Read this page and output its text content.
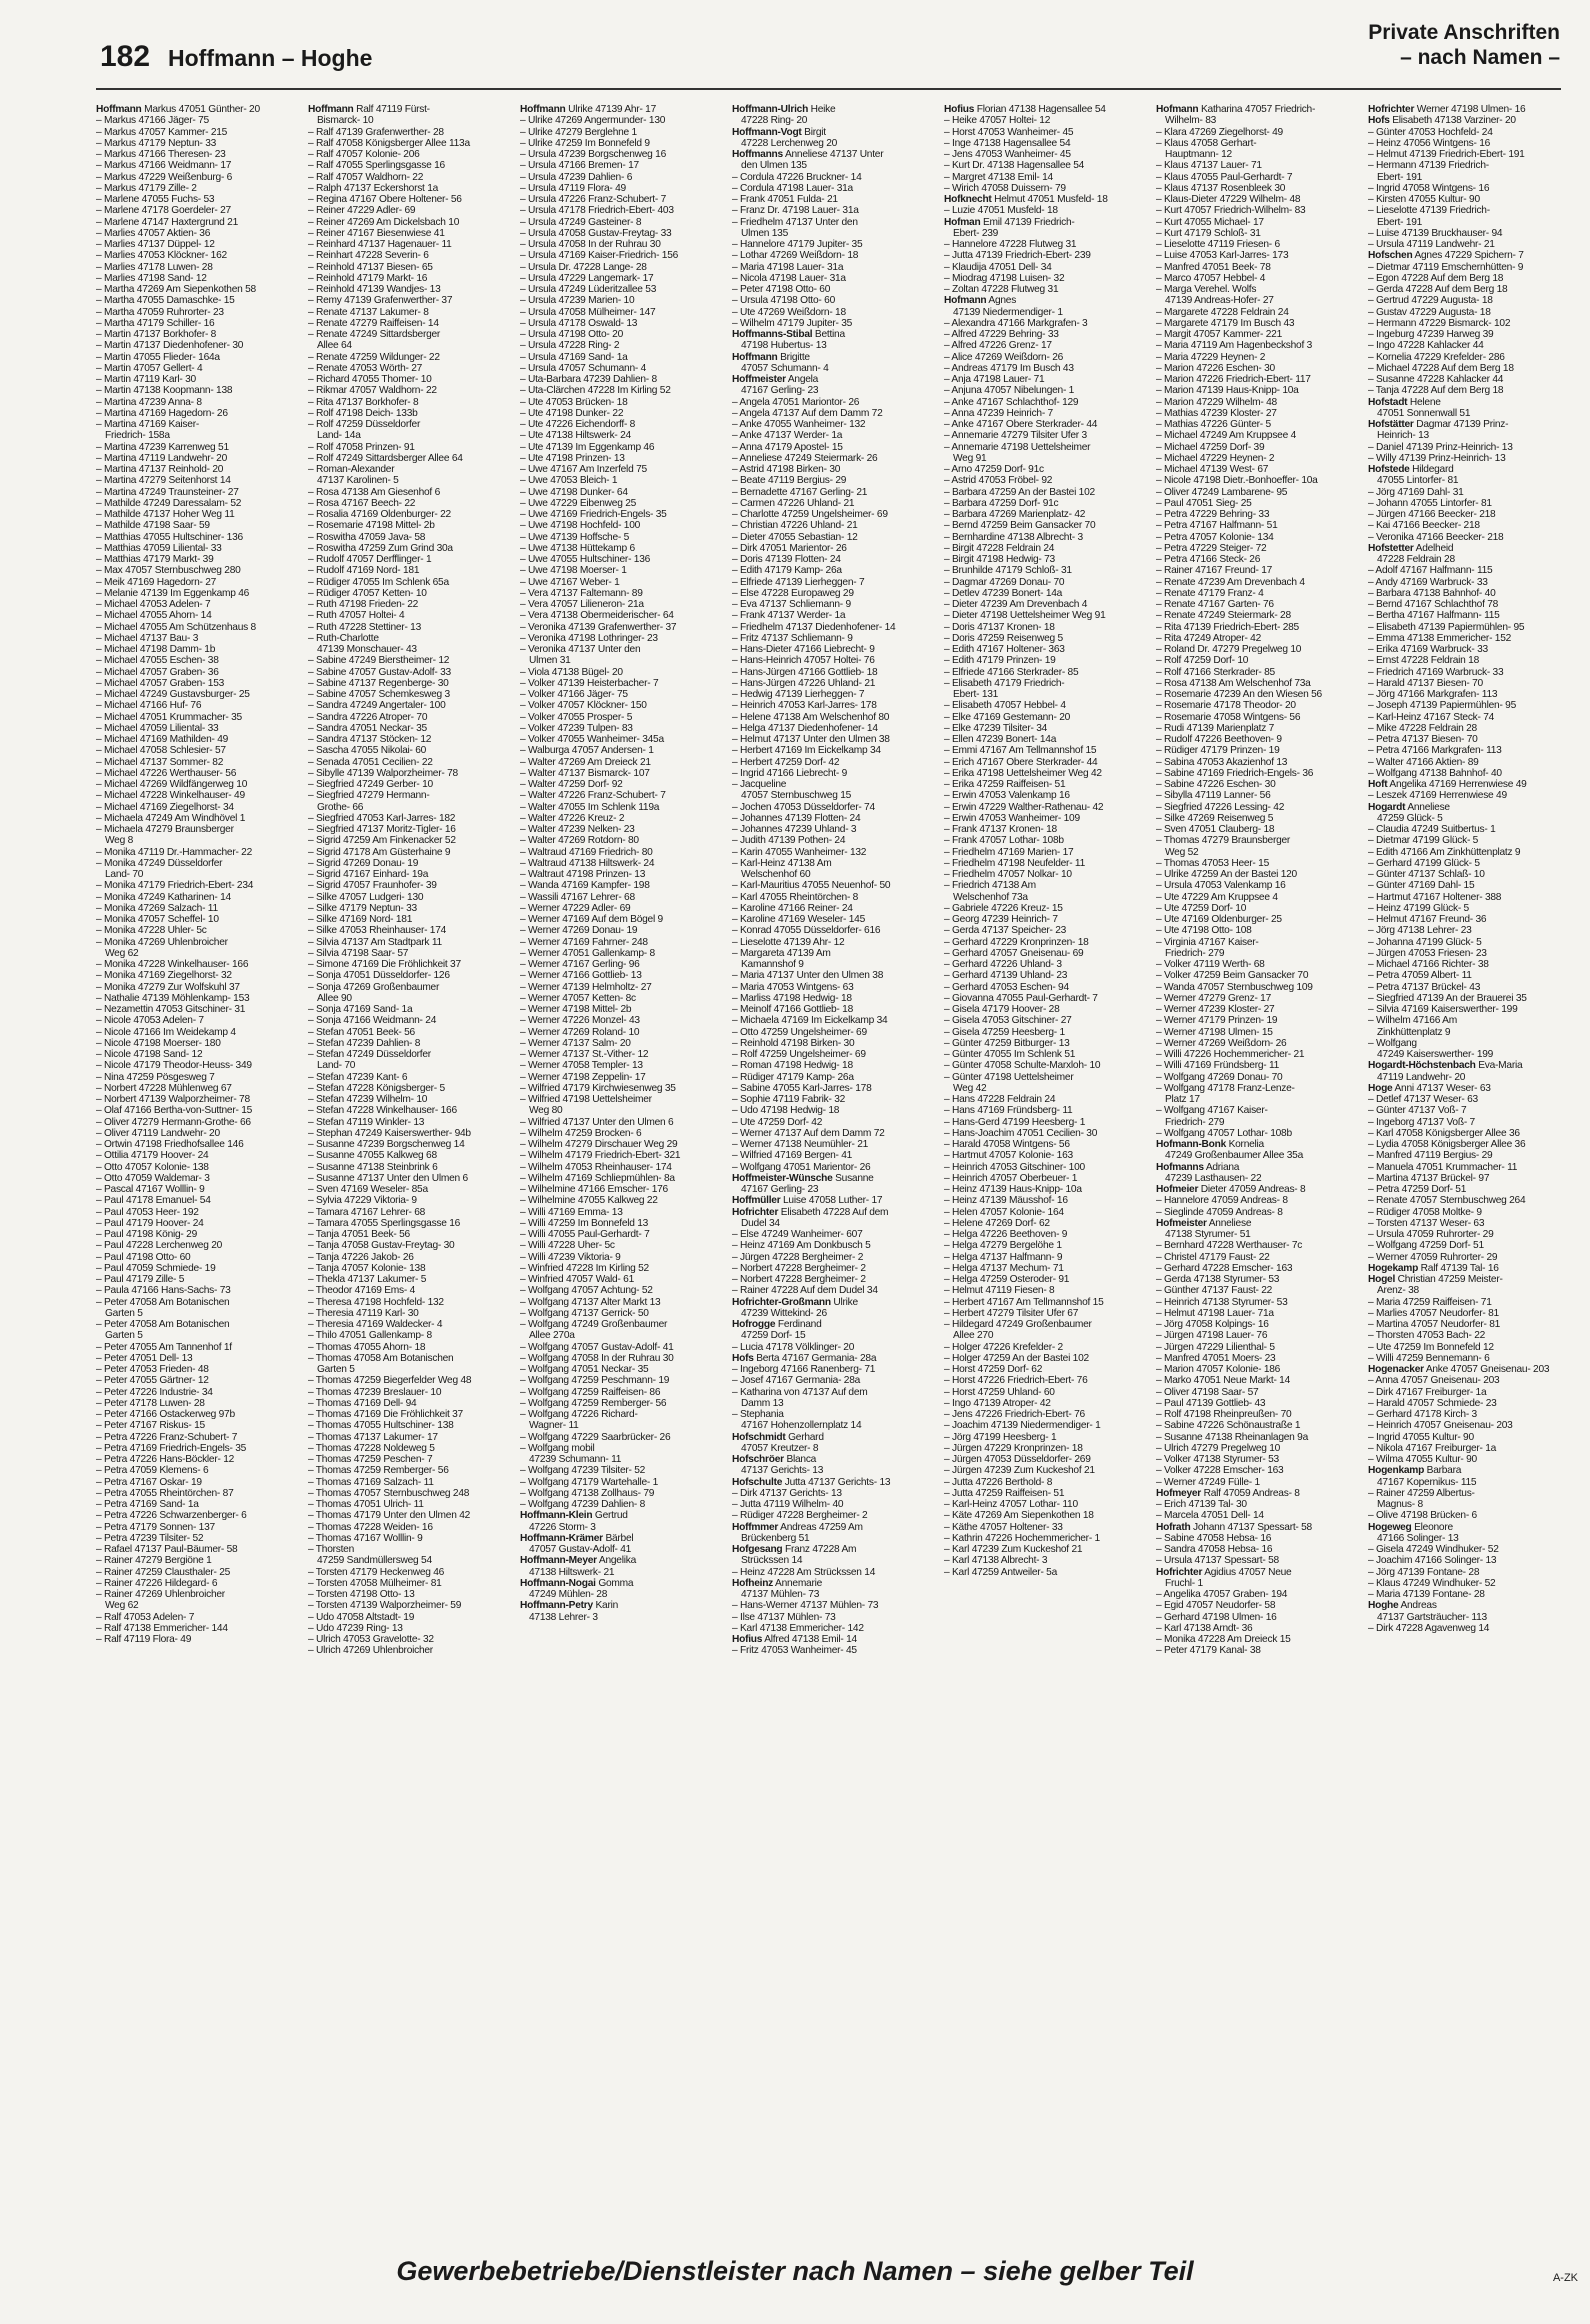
182 Hoffmann – Hoghe
Private Anschriften
– nach Namen –
Hoffmann Markus 47051 Günther- 20
– Markus 47166 Jäger- 75
– Markus 47057 Kammer- 215
– Markus 47179 Neptun- 33
– Markus 47166 Theresen- 23
– Markus 47166 Weidmann- 17
– Markus 47229 Weißenburg- 6
– Markus 47179 Zille- 2
– Marlene 47055 Fuchs- 53
– Marlene 47178 Goerdeler- 27
– Marlene 47147 Haxtergrund 21
– Marlies 47057 Aktien- 36
– Marlies 47137 Düppel- 12
– Marlies 47053 Klöckner- 162
– Marlies 47178 Luwen- 28
– Marlies 47198 Sand- 12
– Martha 47269 Am Siepenkothen 58
– Martha 47055 Damaschke- 15
– Martha 47059 Ruhrorter- 23
– Martha 47179 Schiller- 16
– Martin 47137 Borkhofer- 8
– Martin 47137 Diedenhofener- 30
– Martin 47055 Flieder- 164a
– Martin 47057 Gellert- 4
– Martin 47119 Karl- 30
– Martin 47138 Koopmann- 138
– Martina 47239 Anna- 8
– Martina 47169 Hagedorn- 26
– Martina 47169 Kaiser-
Friedrich- 158a
– Martina 47239 Karrenweg 51
– Martina 47119 Landwehr- 20
– Martina 47137 Reinhold- 20
– Martina 47279 Seitenhorst 14
– Martina 47249 Traunsteiner- 27
– Mathilde 47249 Daressalam- 52
– Mathilde 47137 Hoher Weg 11
– Mathilde 47198 Saar- 59
– Matthias 47055 Hultschiner- 136
– Matthias 47059 Liliental- 33
– Matthias 47179 Markt- 39
– Max 47057 Sternbuschweg 280
– Meik 47169 Hagedorn- 27
– Melanie 47139 Im Eggenkamp 46
– Michael 47053 Adelen- 7
– Michael 47055 Ahorn- 14
– Michael 47055 Am Schützenhaus 8
– Michael 47137 Bau- 3
– Michael 47198 Damm- 1b
– Michael 47055 Eschen- 38
– Michael 47057 Graben- 36
– Michael 47057 Graben- 153
– Michael 47249 Gustavsburger- 25
– Michael 47166 Huf- 76
– Michael 47051 Krummacher- 35
– Michael 47059 Liliental- 33
– Michael 47169 Mathilden- 49
– Michael 47058 Schlesier- 57
– Michael 47137 Sommer- 82
– Michael 47226 Werthauser- 56
– Michael 47269 Wildfängerweg 10
– Michael 47228 Winkelhauser- 49
– Michael 47169 Ziegelhorst- 34
– Michaela 47249 Am Windhövel 1
– Michaela 47279 Braunsberger
Weg 8
– Monika 47119 Dr.-Hammacher- 22
– Monika 47249 Düsseldorfer
Land- 70
– Monika 47179 Friedrich-Ebert- 234
– Monika 47249 Katharinen- 14
– Monika 47269 Salzach- 11
– Monika 47057 Scheffel- 10
– Monika 47228 Uhler- 5c
– Monika 47269 Uhlenbroicher
Weg 62
– Monika 47228 Winkelhauser- 166
– Monika 47169 Ziegelhorst- 32
– Monika 47279 Zur Wolfskuhl 37
– Nathalie 47139 Möhlenkamp- 153
– Nezamettin 47053 Gitschiner- 31
– Nicole 47053 Adelen- 7
– Nicole 47166 Im Weidekamp 4
– Nicole 47198 Moerser- 180
– Nicole 47198 Sand- 12
– Nicole 47179 Theodor-Heuss- 349
– Nina 47259 Pösgesweg 7
– Norbert 47228 Mühlenweg 67
– Norbert 47139 Walporzheimer- 78
– Olaf 47166 Bertha-von-Suttner- 15
– Oliver 47279 Hermann-Grothe- 66
– Oliver 47119 Landwehr- 20
– Ortwin 47198 Friedhofsallee 146
– Ottilia 47179 Hoover- 24
– Otto 47057 Kolonie- 138
– Otto 47059 Waldemar- 3
– Pascal 47167 Wolllin- 9
– Paul 47178 Emanuel- 54
– Paul 47053 Heer- 192
– Paul 47179 Hoover- 24
– Paul 47198 König- 29
– Paul 47228 Lerchenweg 20
– Paul 47198 Otto- 60
– Paul 47059 Schmiede- 19
– Paul 47179 Zille- 5
– Paula 47166 Hans-Sachs- 73
– Peter 47058 Am Botanischen
Garten 5
– Peter 47058 Am Botanischen
Garten 5
– Peter 47055 Am Tannenhof 1f
– Peter 47051 Dell- 13
– Peter 47053 Frieden- 48
– Peter 47055 Gärtner- 12
– Peter 47226 Industrie- 34
– Peter 47178 Luwen- 28
– Peter 47166 Ostackerweg 97b
– Peter 47167 Riskus- 15
– Petra 47226 Franz-Schubert- 7
– Petra 47169 Friedrich-Engels- 35
– Petra 47226 Hans-Böckler- 12
– Petra 47059 Klemens- 6
– Petra 47167 Oskar- 19
– Petra 47055 Rheintörchen- 87
– Petra 47169 Sand- 1a
– Petra 47226 Schwarzenberger- 6
– Petra 47179 Sonnen- 137
– Petra 47239 Tilsiter- 52
– Rafael 47137 Paul-Bäumer- 58
– Rainer 47279 Bergiöne 1
– Rainer 47259 Clausthaler- 25
– Rainer 47226 Hildegard- 6
– Rainer 47269 Uhlenbroicher
Weg 62
– Ralf 47053 Adelen- 7
– Ralf 47138 Emmericher- 144
– Ralf 47119 Flora- 49
Hoffmann Ralf 47119 Fürst-
Bismarck- 10
– Ralf 47139 Grafenwerther- 28
– Ralf 47058 Königsberger Allee 113a
– Ralf 47057 Kolonie- 206
– Ralf 47055 Sperlingsgasse 16
– Ralf 47057 Waldhorn- 22
– Ralph 47137 Eckershorst 1a
– Regina 47167 Obere Holtener- 56
– Reiner 47229 Adler- 69
– Reiner 47269 Am Dickelsbach 10
– Reiner 47167 Biesenwiese 41
– Reinhard 47137 Hagenauer- 11
– Reinhart 47228 Severin- 6
– Reinhold 47137 Biesen- 65
– Reinhold 47179 Markt- 16
– Reinhold 47139 Wandjes- 13
– Remy 47139 Grafenwerther- 37
– Renate 47137 Lakumer- 8
– Renate 47279 Raiffeisen- 14
– Renate 47249 Sittardsberger
Allee 64
– Renate 47259 Wildunger- 22
– Renate 47053 Wörth- 27
– Richard 47055 Thomer- 10
– Rikmar 47057 Waldhorn- 22
– Rita 47137 Borkhofer- 8
– Rolf 47198 Deich- 133b
– Rolf 47259 Düsseldorfer
Land- 14a
– Rolf 47058 Prinzen- 91
– Rolf 47249 Sittardsberger Allee 64
– Roman-Alexander
47137 Karolinen- 5
– Rosa 47138 Am Giesenhof 6
– Rosa 47167 Beech- 22
– Rosalia 47169 Oldenburger- 22
– Rosemarie 47198 Mittel- 2b
– Roswitha 47059 Java- 58
– Roswitha 47259 Zum Grind 30a
– Rudolf 47057 Derfflinger- 1
– Rudolf 47169 Nord- 181
– Rüdiger 47055 Im Schlenk 65a
– Rüdiger 47057 Ketten- 10
– Ruth 47198 Frieden- 22
– Ruth 47057 Holtei- 4
– Ruth 47228 Stettiner- 13
– Ruth-Charlotte
47139 Monschauer- 43
– Sabine 47249 Bierstheimer- 12
– Sabine 47057 Gustav-Adolf- 33
– Sabine 47137 Regenberge- 30
– Sabine 47057 Schemkesweg 3
– Sandra 47249 Angertaler- 100
– Sandra 47226 Atroper- 70
– Sandra 47051 Neckar- 35
– Sandra 47137 Stöcken- 12
– Sascha 47055 Nikolai- 60
– Senada 47051 Cecilien- 22
– Sibylle 47139 Walporzheimer- 78
– Siegfried 47249 Gerber- 10
– Siegfried 47279 Hermann-
Grothe- 66
– Siegfried 47053 Karl-Jarres- 182
– Siegfried 47137 Moritz-Tigler- 16
– Sigrid 47259 Am Finkenacker 52
– Sigrid 47178 Am Güsterhaine 9
– Sigrid 47269 Donau- 19
– Sigrid 47167 Einhard- 19a
– Sigrid 47057 Fraunhofer- 39
– Silke 47057 Ludgeri- 130
– Silke 47179 Neptun- 33
– Silke 47169 Nord- 181
– Silke 47053 Rheinhauser- 174
– Silvia 47137 Am Stadtpark 11
– Silvia 47198 Saar- 57
– Simone 47169 Die Fröhlichkeit 37
– Sonja 47051 Düsseldorfer- 126
– Sonja 47269 Großenbaumer
Allee 90
– Sonja 47169 Sand- 1a
– Sonja 47166 Weidmann- 24
– Stefan 47051 Beek- 56
– Stefan 47239 Dahlien- 8
– Stefan 47249 Düsseldorfer
Land- 70
– Stefan 47239 Kant- 6
– Stefan 47228 Königsberger- 5
– Stefan 47239 Wilhelm- 10
– Stefan 47228 Winkelhauser- 166
– Stefan 47119 Winkler- 13
– Stephan 47249 Kaiserswerther- 94b
– Susanne 47239 Borgschenweg 14
– Susanne 47055 Kalkweg 68
– Susanne 47138 Steinbrink 6
– Susanne 47137 Unter den Ulmen 6
– Sven 47169 Weseler- 85a
– Sylvia 47229 Viktoria- 9
– Tamara 47167 Lehrer- 68
– Tamara 47055 Sperlingsgasse 16
– Tanja 47051 Beek- 56
– Tanja 47058 Gustav-Freytag- 30
– Tanja 47226 Jakob- 26
– Tanja 47057 Kolonie- 138
– Thekla 47137 Lakumer- 5
– Theodor 47169 Ems- 4
– Theresa 47198 Hochfeld- 132
– Theresia 47119 Karl- 30
– Theresia 47169 Waldecker- 4
– Thilo 47051 Gallenkamp- 8
– Thomas 47055 Ahorn- 18
– Thomas 47058 Am Botanischen
Garten 5
– Thomas 47259 Biegerfelder Weg 48
– Thomas 47239 Breslauer- 10
– Thomas 47169 Dell- 94
– Thomas 47169 Die Fröhlichkeit 37
– Thomas 47055 Hultschiner- 138
– Thomas 47137 Lakumer- 17
– Thomas 47228 Noldeweg 5
– Thomas 47259 Peschen- 7
– Thomas 47259 Remberger- 56
– Thomas 47169 Salzach- 11
– Thomas 47057 Sternbuschweg 248
– Thomas 47051 Ulrich- 11
– Thomas 47179 Unter den Ulmen 42
– Thomas 47228 Weiden- 16
– Thomas 47167 Wolllin- 9
– Thorsten
47259 Sandmüllersweg 54
– Torsten 47179 Heckenweg 46
– Torsten 47058 Mülheimer- 81
– Torsten 47198 Otto- 13
– Torsten 47139 Walporzheimer- 59
– Udo 47058 Altstadt- 19
– Udo 47239 Ring- 13
– Ulrich 47053 Gravelotte- 32
– Ulrich 47269 Uhlenbroicher
Hoffmann Ulrike 47139 Ahr- 17
– Ulrike 47269 Angermunder- 130
– Ulrike 47279 Berglehne 1
– Ulrike 47259 Im Bonnefeld 9
– Ursula 47239 Borgschenweg 16
– Ursula 47166 Bremen- 17
– Ursula 47239 Dahlien- 6
– Ursula 47119 Flora- 49
– Ursula 47226 Franz-Schubert- 7
– Ursula 47178 Friedrich-Ebert- 403
– Ursula 47249 Gasteiner- 8
– Ursula 47058 Gustav-Freytag- 33
– Ursula 47058 In der Ruhrau 30
– Ursula 47169 Kaiser-Friedrich- 156
– Ursula Dr. 47228 Lange- 28
– Ursula 47229 Langemark- 17
– Ursula 47249 Lüderitzallee 53
– Ursula 47239 Marien- 10
– Ursula 47058 Mülheimer- 147
– Ursula 47178 Oswald- 13
– Ursula 47198 Otto- 20
– Ursula 47228 Ring- 2
– Ursula 47169 Sand- 1a
– Ursula 47057 Schumann- 4
– Uta-Barbara 47239 Dahlien- 8
– Uta-Clärchen 47228 Im Kirling 52
– Ute 47053 Brücken- 18
– Ute 47198 Dunker- 22
– Ute 47226 Eichendorff- 8
– Ute 47138 Hiltswerk- 24
– Ute 47139 Im Eggenkamp 46
– Ute 47198 Prinzen- 13
– Uwe 47167 Am Inzerfeld 75
– Uwe 47053 Bleich- 1
– Uwe 47198 Dunker- 64
– Uwe 47229 Eibenweg 25
– Uwe 47169 Friedrich-Engels- 35
– Uwe 47198 Hochfeld- 100
– Uwe 47139 Hoffsche- 5
– Uwe 47138 Hüttekamp 6
– Uwe 47055 Hultschiner- 136
– Uwe 47198 Moerser- 1
– Uwe 47167 Weber- 1
– Vera 47137 Faltemann- 89
– Vera 47057 Lilieneron- 21a
– Vera 47138 Obermeiderischer- 64
– Veronika 47139 Grafenwerther- 37
– Veronika 47198 Lothringer- 23
– Veronika 47137 Unter den
Ulmen 31
– Viola 47138 Bügel- 20
– Volker 47139 Heisterbacher- 7
– Volker 47166 Jäger- 75
– Volker 47057 Klöckner- 150
– Volker 47055 Prosper- 5
– Volker 47239 Tulpen- 83
– Volker 47055 Wanheimer- 345a
– Walburga 47057 Andersen- 1
– Walter 47269 Am Dreieck 21
– Walter 47137 Bismarck- 107
– Walter 47259 Dorf- 92
– Walter 47226 Franz-Schubert- 7
– Walter 47055 Im Schlenk 119a
– Walter 47226 Kreuz- 2
– Walter 47239 Nelken- 23
– Walter 47269 Rotdorn- 80
– Waltraud 47169 Friedrich- 80
– Waltraud 47138 Hiltswerk- 24
– Waltraut 47198 Prinzen- 13
– Wanda 47169 Kampfer- 198
– Wassili 47167 Lehrer- 68
– Werner 47229 Adler- 69
– Werner 47169 Auf dem Bögel 9
– Werner 47269 Donau- 19
– Werner 47169 Fahrner- 248
– Werner 47051 Gallenkamp- 8
– Werner 47167 Gerling- 96
– Werner 47166 Gottlieb- 13
– Werner 47139 Helmholtz- 27
– Werner 47057 Ketten- 8c
– Werner 47198 Mittel- 2b
– Werner 47226 Monzel- 43
– Werner 47269 Roland- 10
– Werner 47137 Salm- 20
– Werner 47137 St.-Vither- 12
– Werner 47058 Templer- 13
– Werner 47198 Zeppelin- 17
– Wilfried 47179 Kirchwiesenweg 35
– Wilfried 47198 Uettelsheimer
Weg 80
– Wilfried 47137 Unter den Ulmen 6
– Wilhelm 47259 Brocken- 6
– Wilhelm 47279 Dirschauer Weg 29
– Wilhelm 47179 Friedrich-Ebert- 321
– Wilhelm 47053 Rheinhauser- 174
– Wilhelm 47169 Schliepmühlen- 8a
– Wilhelmine 47166 Emscher- 176
– Wilhelmine 47055 Kalkweg 22
– Willi 47169 Emma- 13
– Willi 47259 Im Bonnefeld 13
– Willi 47055 Paul-Gerhardt- 7
– Willi 47228 Uher- 5c
– Willi 47239 Viktoria- 9
– Winfried 47228 Im Kirling 52
– Winfried 47057 Wald- 61
– Wolfgang 47057 Achtung- 52
– Wolfgang 47137 Alter Markt 13
– Wolfgang 47137 Gerrick- 50
– Wolfgang 47249 Großenbaumer
Allee 270a
– Wolfgang 47057 Gustav-Adolf- 41
– Wolfgang 47058 In der Ruhrau 30
– Wolfgang 47051 Neckar- 35
– Wolfgang 47259 Peschmann- 19
– Wolfgang 47259 Raiffeisen- 86
– Wolfgang 47259 Remberger- 56
– Wolfgang 47226 Richard-
Wagner- 11
– Wolfgang 47229 Saarbrücker- 26
– Wolfgang mobil
47239 Schumann- 11
– Wolfgang 47239 Tilsiter- 52
– Wolfgang 47179 Wartehalle- 1
– Wolfgang 47138 Zollhaus- 79
– Wolfgang 47239 Dahlien- 8
Hoffmann-Klein Gertrud
47226 Storm- 3
Hoffmann-Krämer Bärbel
47057 Gustav-Adolf- 41
Hoffmann-Meyer Angelika
47138 Hiltswerk- 21
Hoffmann-Nogai Gomma
47249 Mühlen- 28
Hoffmann-Petry Karin
47138 Lehrer- 3
Hoffmann-Ulrich Heike
47228 Ring- 20
Hoffmann-Vogt Birgit
47228 Lerchenweg 20
Hoffmanns Anneliese 47137 Unter
den Ulmen 135
– Cordula 47226 Bruckner- 14
– Cordula 47198 Lauer- 31a
– Frank 47051 Fulda- 21
– Franz Dr. 47198 Lauer- 31a
– Friedhelm 47137 Unter den
Ulmen 135
– Hannelore 47179 Jupiter- 35
– Lothar 47269 Weißdorn- 18
– Maria 47198 Lauer- 31a
– Nicola 47198 Lauer- 31a
– Peter 47198 Otto- 60
– Ursula 47198 Otto- 60
– Ute 47269 Weißdorn- 18
– Wilhelm 47179 Jupiter- 35
Hoffmanns-Stibal Bettina
47198 Hubertus- 13
Hoffmann Brigitte
47057 Schumann- 4
Hoffmeister Angela
47167 Gerling- 23
– Angela 47051 Mariontor- 26
– Angela 47137 Auf dem Damm 72
– Anke 47055 Wanheimer- 132
– Anke 47137 Werder- 1a
– Anna 47179 Apostel- 15
– Anneliese 47249 Steiermark- 26
– Astrid 47198 Birken- 30
– Beate 47119 Bergius- 29
– Bernadette 47167 Gerling- 21
– Carmen 47226 Uhland- 21
– Charlotte 47259 Ungelsheimer- 69
– Christian 47226 Uhland- 21
– Dieter 47055 Sebastian- 12
– Dirk 47051 Marientor- 26
– Doris 47139 Flotten- 24
– Edith 47179 Kamp- 26a
– Elfriede 47139 Lierheggen- 7
– Else 47228 Europaweg 29
– Eva 47137 Schliemann- 9
– Frank 47137 Werder- 1a
– Friedhelm 47137 Diedenhofener- 14
– Fritz 47137 Schliemann- 9
– Hans-Dieter 47166 Liebrecht- 9
– Hans-Heinrich 47057 Holtei- 76
– Hans-Jürgen 47166 Gottlieb- 18
– Hans-Jürgen 47226 Uhland- 21
– Hedwig 47139 Lierheggen- 7
– Heinrich 47053 Karl-Jarres- 178
– Helene 47138 Am Welschenhof 80
– Helga 47137 Diedenhofener- 14
– Helmut 47137 Unter den Ulmen 38
– Herbert 47169 Im Eickelkamp 34
– Herbert 47259 Dorf- 42
– Ingrid 47166 Liebrecht- 9
– Jacqueline
47057 Sternbuschweg 15
– Jochen 47053 Düsseldorfer- 74
– Johannes 47139 Flotten- 24
– Johannes 47239 Uhland- 3
– Judith 47139 Pothen- 24
– Karin 47055 Wanheimer- 132
– Karl-Heinz 47138 Am
Welschenhof 60
– Karl-Mauritius 47055 Neuenhof- 50
– Karl 47055 Rheintörchen- 8
– Karoline 47166 Reiner- 24
– Karoline 47169 Weseler- 145
– Konrad 47055 Düsseldorfer- 616
– Lieselotte 47139 Ahr- 12
– Margareta 47139 Am
Kamannshof 9
– Maria 47137 Unter den Ulmen 38
– Maria 47053 Wintgens- 63
– Marliss 47198 Hedwig- 18
– Meinolf 47166 Gottlieb- 18
– Michaela 47169 Im Eickelkamp 34
– Otto 47259 Ungelsheimer- 69
– Reinhold 47198 Birken- 30
– Rolf 47259 Ungelsheimer- 69
– Roman 47198 Hedwig- 18
– Rüdiger 47179 Kamp- 26a
– Sabine 47055 Karl-Jarres- 178
– Sophie 47119 Fabrik- 32
– Udo 47198 Hedwig- 18
– Ute 47259 Dorf- 42
– Werner 47137 Auf dem Damm 72
– Werner 47138 Neumühler- 21
– Wilfried 47169 Bergen- 41
– Wolfgang 47051 Marientor- 26
Hoffmeister-Wünsche Susanne
47167 Gerling- 23
Hoffmüller Luise 47058 Luther- 17
Hofrichter Elisabeth 47228 Auf dem
Dudel 34
– Else 47249 Wanheimer- 607
– Heinz 47169 Am Donkbusch 5
– Jürgen 47228 Bergheimer- 2
– Norbert 47228 Bergheimer- 2
– Norbert 47228 Bergheimer- 2
– Rainer 47228 Auf dem Dudel 34
Hofrichter-Großmann Ulrike
47239 Wittekind- 26
Hofrogge Ferdinand
47259 Dorf- 15
– Lucia 47178 Völklinger- 20
Hofs Berta 47167 Germania- 28a
– Ingeborg 47166 Ranenberg- 71
– Josef 47167 Germania- 28a
– Katharina von 47137 Auf dem
Damm 13
– Stephania
47167 Hohenzollernplatz 14
Hofschmidt Gerhard
47057 Kreutzer- 8
Hofschröer Blanca
47137 Gerichts- 13
Hofschulte Jutta 47137 Gerichts- 13
– Dirk 47137 Gerichts- 13
– Jutta 47119 Wilhelm- 40
– Rüdiger 47228 Bergheimer- 2
Hoffmmer Andreas 47259 Am
Brückenberg 51
Hofgesang Franz 47228 Am
Strückssen 14
– Heinz 47228 Am Strückssen 14
Hofheinz Annemarie
47137 Mühlen- 73
– Hans-Werner 47137 Mühlen- 73
– Ilse 47137 Mühlen- 73
– Karl 47138 Emmericher- 142
Hofius Alfred 47138 Emil- 14
– Fritz 47053 Wanheimer- 45
Hofius Florian 47138 Hagensallee 54
– Heike 47057 Holtei- 12
– Horst 47053 Wanheimer- 45
– Inge 47138 Hagensallee 54
– Jens 47053 Wanheimer- 45
– Kurt Dr. 47138 Hagensallee 54
– Margret 47138 Emil- 14
– Wirich 47058 Duissern- 79
Hofknecht Helmut 47051 Musfeld- 18
– Luzie 47051 Musfeld- 18
Hofman Emil 47139 Friedrich-
Ebert- 239
– Hannelore 47228 Flutweg 31
– Jutta 47139 Friedrich-Ebert- 239
– Klaudija 47051 Dell- 34
– Miodrag 47198 Luisen- 32
– Zoltan 47228 Flutweg 31
Hofmann Agnes
47139 Niedermendiger- 1
– Alexandra 47166 Markgrafen- 3
– Alfred 47229 Behring- 33
– Alfred 47226 Grenz- 17
– Alice 47269 Weißdorn- 26
– Andreas 47179 Im Busch 43
– Anja 47198 Lauer- 71
– Anjuna 47057 Nibelungen- 1
– Anke 47167 Schlachthof- 129
– Anna 47239 Heinrich- 7
– Anke 47167 Obere Sterkrader- 44
– Annemarie 47279 Tilsiter Ufer 3
– Annemarie 47198 Uettelsheimer
Weg 91
– Arno 47259 Dorf- 91c
– Astrid 47053 Fröbel- 92
– Barbara 47259 An der Bastei 102
– Barbara 47259 Dorf- 91c
– Barbara 47269 Marienplatz- 42
– Bernd 47259 Beim Gansacker 70
– Bernhardine 47138 Albrecht- 3
– Birgit 47228 Feldrain 24
– Birgit 47198 Hedwig- 73
– Brunhilde 47179 Schloß- 31
– Dagmar 47269 Donau- 70
– Detlev 47239 Bonert- 14a
– Dieter 47239 Am Drevenbach 4
– Dieter 47198 Uettelsheimer Weg 91
– Doris 47137 Kronen- 18
– Doris 47259 Reisenweg 5
– Edith 47167 Holtener- 363
– Edith 47179 Prinzen- 19
– Elfriede 47166 Sterkrader- 85
– Elisabeth 47179 Friedrich-
Ebert- 131
– Elisabeth 47057 Hebbel- 4
– Elke 47169 Gestemann- 20
– Elke 47239 Tilsiter- 34
– Ellen 47239 Bonert- 14a
– Emmi 47167 Am Tellmannshof 15
– Erich 47167 Obere Sterkrader- 44
– Erika 47198 Uettelsheimer Weg 42
– Erika 47259 Raiffeisen- 51
– Erwin 47053 Valenkamp 16
– Erwin 47229 Walther-Rathenau- 42
– Erwin 47053 Wanheimer- 109
– Frank 47137 Kronen- 18
– Frank 47057 Lothar- 108b
– Friedhelm 47169 Marien- 17
– Friedhelm 47198 Neufelder- 11
– Friedhelm 47057 Nolkar- 10
– Friedrich 47138 Am
Welschenhof 73a
– Gabriele 47226 Kreuz- 15
– Georg 47239 Heinrich- 7
– Gerda 47137 Speicher- 23
– Gerhard 47229 Kronprinzen- 18
– Gerhard 47057 Gneisenau- 69
– Gerhard 47226 Uhland- 3
– Gerhard 47139 Uhland- 23
– Gerhard 47053 Eschen- 94
– Giovanna 47055 Paul-Gerhardt- 7
– Gisela 47179 Hoover- 28
– Gisela 47053 Gitschiner- 27
– Gisela 47259 Heesberg- 1
– Günter 47259 Bitburger- 13
– Günter 47055 Im Schlenk 51
– Günter 47058 Schulte-Marxloh- 10
– Günter 47198 Uettelsheimer
Weg 42
– Hans 47228 Feldrain 24
– Hans 47169 Fründsberg- 11
– Hans-Gerd 47199 Heesberg- 1
– Hans-Joachim 47051 Cecilien- 30
– Harald 47058 Wintgens- 56
– Hartmut 47057 Kolonie- 163
– Heinrich 47053 Gitschiner- 100
– Heinrich 47057 Oberbeuer- 1
– Heinz 47139 Haus-Knipp- 10a
– Heinz 47139 Mäusshof- 16
– Helen 47057 Kolonie- 164
– Helene 47269 Dorf- 62
– Helga 47226 Beethoven- 9
– Helga 47279 Bergelöhe 1
– Helga 47137 Halfmann- 9
– Helga 47137 Mechum- 71
– Helga 47259 Osteroder- 91
– Helmut 47119 Fiesen- 8
– Herbert 47167 Am Tellmannshof 15
– Herbert 47279 Tilsiter Ufer 67
– Hildegard 47249 Großenbaumer
Allee 270
– Holger 47226 Krefelder- 2
– Holger 47259 An der Bastei 102
– Horst 47259 Dorf- 62
– Horst 47226 Friedrich-Ebert- 76
– Horst 47259 Uhland- 60
– Ingo 47139 Atroper- 42
– Jens 47226 Friedrich-Ebert- 76
– Joachim 47139 Niedermendiger- 1
– Jörg 47199 Heesberg- 1
– Jürgen 47229 Kronprinzen- 18
– Jürgen 47053 Düsseldorfer- 269
– Jürgen 47239 Zum Kuckeshof 21
– Jutta 47226 Berthold- 8
– Jutta 47259 Raiffeisen- 51
– Karl-Heinz 47057 Lothar- 110
– Käte 47269 Am Siepenkothen 18
– Käthe 47057 Holtener- 33
– Kathrin 47226 Hochemmericher- 1
– Karl 47239 Zum Kuckeshof 21
– Karl 47138 Albrecht- 3
– Karl 47259 Antweiler- 5a
Hofmann Katharina 47057 Friedrich-
Wilhelm- 83
– Klara 47269 Ziegelhorst- 49
– Klaus 47058 Gerhart-
Hauptmann- 12
– Klaus 47137 Lauer- 71
– Klaus 47055 Paul-Gerhardt- 7
– Klaus 47137 Rosenbleek 30
– Klaus-Dieter 47229 Wilhelm- 48
– Kurt 47057 Friedrich-Wilhelm- 83
– Kurt 47055 Michael- 17
– Kurt 47179 Schloß- 31
– Lieselotte 47119 Friesen- 6
– Luise 47053 Karl-Jarres- 173
– Manfred 47051 Beek- 78
– Marco 47057 Hebbel- 4
– Marga Verehel. Wolfs
47139 Andreas-Hofer- 27
– Margarete 47228 Feldrain 24
– Margarete 47179 Im Busch 43
– Margit 47057 Kammer- 221
– Maria 47119 Am Hagenbeckshof 3
– Maria 47229 Heynen- 2
– Marion 47226 Eschen- 30
– Marion 47226 Friedrich-Ebert- 117
– Marion 47139 Haus-Knipp- 10a
– Marion 47229 Wilhelm- 48
– Mathias 47239 Kloster- 27
– Mathias 47226 Günter- 5
– Michael 47249 Am Kruppsee 4
– Michael 47259 Dorf- 39
– Michael 47229 Heynen- 2
– Michael 47139 West- 67
– Nicole 47198 Dietr.-Bonhoeffer- 10a
– Oliver 47249 Lambarene- 95
– Paul 47051 Sieg- 25
– Petra 47229 Behring- 33
– Petra 47167 Halfmann- 51
– Petra 47057 Kolonie- 134
– Petra 47229 Steiger- 72
– Petra 47166 Steck- 26
– Rainer 47167 Freund- 17
– Renate 47239 Am Drevenbach 4
– Renate 47179 Franz- 4
– Renate 47167 Garten- 76
– Renate 47249 Steiermark- 28
– Rita 47139 Friedrich-Ebert- 285
– Rita 47249 Atroper- 42
– Roland Dr. 47279 Pregelweg 10
– Rolf 47259 Dorf- 10
– Rolf 47166 Sterkrader- 85
– Rosa 47138 Am Welschenhof 73a
– Rosemarie 47239 An den Wiesen 56
– Rosemarie 47178 Theodor- 20
– Rosemarie 47058 Wintgens- 56
– Rudi 47139 Marienplatz 7
– Rudolf 47226 Beethoven- 9
– Rüdiger 47179 Prinzen- 19
– Sabina 47053 Akazienhof 13
– Sabine 47169 Friedrich-Engels- 36
– Sabine 47226 Eschen- 30
– Sibylla 47119 Lanner- 56
– Siegfried 47226 Lessing- 42
– Silke 47269 Reisenweg 5
– Sven 47051 Clauberg- 18
– Thomas 47279 Braunsberger
Weg 52
– Thomas 47053 Heer- 15
– Ulrike 47259 An der Bastei 120
– Ursula 47053 Valenkamp 16
– Ute 47229 Am Kruppsee 4
– Ute 47259 Dorf- 10
– Ute 47169 Oldenburger- 25
– Ute 47198 Otto- 108
– Virginia 47167 Kaiser-
Friedrich- 279
– Volker 47119 Werth- 68
– Volker 47259 Beim Gansacker 70
– Wanda 47057 Sternbuschweg 109
– Werner 47279 Grenz- 17
– Werner 47239 Kloster- 27
– Werner 47179 Prinzen- 19
– Werner 47198 Ulmen- 15
– Werner 47269 Weißdorn- 26
– Willi 47226 Hochemmericher- 21
– Willi 47169 Fründsberg- 11
– Wolfgang 47269 Donau- 70
– Wolfgang 47178 Franz-Lenze-
Platz 17
– Wolfgang 47167 Kaiser-
Friedrich- 279
– Wolfgang 47057 Lothar- 108b
Hofmann-Bonk Kornelia
47249 Großenbaumer Allee 35a
Hofmanns Adriana
47239 Lasthausen- 22
Hofmeier Dieter 47059 Andreas- 8
– Hannelore 47059 Andreas- 8
– Sieglinde 47059 Andreas- 8
Hofmeister Anneliese
47138 Styrumer- 51
– Bernhard 47228 Werthauser- 7c
– Christel 47179 Faust- 22
– Gerhard 47228 Emscher- 163
– Gerda 47138 Styrumer- 53
– Günther 47137 Faust- 22
– Heinrich 47138 Styrumer- 53
– Helmut 47198 Lauer- 71a
– Jörg 47058 Kolpings- 16
– Jürgen 47198 Lauer- 76
– Jürgen 47229 Lilienthal- 5
– Manfred 47051 Moers- 23
– Marion 47057 Kolonie- 186
– Marko 47051 Neue Markt- 14
– Oliver 47198 Saar- 57
– Paul 47139 Gottlieb- 43
– Rolf 47198 Rheinpreußen- 70
– Sabine 47226 Schönaustraße 1
– Susanne 47138 Rheinanlagen 9a
– Ulrich 47279 Pregelweg 10
– Volker 47138 Styrumer- 53
– Volker 47228 Emscher- 163
– Werner 47249 Fülle- 1
Hofmeyer Ralf 47059 Andreas- 8
– Erich 47139 Tal- 30
– Marcela 47051 Dell- 14
Hofrath Johann 47137 Spessart- 58
– Sabine 47058 Hebsa- 16
– Sandra 47058 Hebsa- 16
– Ursula 47137 Spessart- 58
Hofrichter Agidius 47057 Neue
Fruchl- 1
– Angelika 47057 Graben- 194
– Egid 47057 Neudorfer- 58
– Gerhard 47198 Ulmen- 16
– Karl 47138 Arndt- 36
– Monika 47228 Am Dreieck 15
– Peter 47179 Kanal- 38
Hofrichter Werner 47198 Ulmen- 16
Hofs Elisabeth 47138 Varziner- 20
– Günter 47053 Hochfeld- 24
– Heinz 47056 Wintgens- 16
– Helmut 47139 Friedrich-Ebert- 191
– Hermann 47139 Friedrich-
Ebert- 191
– Ingrid 47058 Wintgens- 16
– Kirsten 47055 Kultur- 90
– Lieselotte 47139 Friedrich-
Ebert- 191
– Luise 47139 Bruckhauser- 94
– Ursula 47119 Landwehr- 21
Hofschen Agnes 47229 Spichern- 7
– Dietmar 47119 Emschernhütten- 9
– Egon 47228 Auf dem Berg 18
– Gerda 47228 Auf dem Berg 18
– Gertrud 47229 Augusta- 18
– Gustav 47229 Augusta- 18
– Hermann 47229 Bismarck- 102
– Ingeburg 47239 Harweg 39
– Ingo 47228 Kahlacker 44
– Kornelia 47229 Krefelder- 286
– Michael 47228 Auf dem Berg 18
– Susanne 47228 Kahlacker 44
– Tanja 47228 Auf dem Berg 18
Hofstadt Helene
47051 Sonnenwall 51
Hofstätter Dagmar 47139 Prinz-
Heinrich- 13
– Daniel 47139 Prinz-Heinrich- 13
– Willy 47139 Prinz-Heinrich- 13
Hofstede Hildegard
47055 Lintorfer- 81
– Jörg 47169 Dahl- 31
– Johann 47055 Lintorfer- 81
– Jürgen 47166 Beecker- 218
– Kai 47166 Beecker- 218
– Veronika 47166 Beecker- 218
Hofstetter Adelheid
47228 Feldrain 28
– Adolf 47167 Halfmann- 115
– Andy 47169 Warbruck- 33
– Barbara 47138 Bahnhof- 40
– Bernd 47167 Schlachthof 78
– Bertha 47167 Halfmann- 115
– Elisabeth 47139 Papiermühlen- 95
– Emma 47138 Emmericher- 152
– Erika 47169 Warbruck- 33
– Ernst 47228 Feldrain 18
– Friedrich 47169 Warbruck- 33
– Harald 47137 Biesen- 70
– Jörg 47166 Markgrafen- 113
– Joseph 47139 Papiermühlen- 95
– Karl-Heinz 47167 Steck- 74
– Mike 47228 Feldrain 28
– Petra 47137 Biesen- 70
– Petra 47166 Markgrafen- 113
– Walter 47166 Aktien- 89
– Wolfgang 47138 Bahnhof- 40
Hoft Angelika 47169 Herrenwiese 49
– Leszek 47169 Herrenwiese 49
Hogardt Anneliese
47259 Glück- 5
– Claudia 47249 Suitbertus- 1
– Dietmar 47199 Glück- 5
– Edith 47166 Am Zinkhüttenplatz 9
– Gerhard 47199 Glück- 5
– Günter 47137 Schlaß- 10
– Günter 47169 Dahl- 15
– Hartmut 47167 Holtener- 388
– Heinz 47199 Glück- 5
– Helmut 47167 Freund- 36
– Jörg 47138 Lehrer- 23
– Johanna 47199 Glück- 5
– Jürgen 47053 Friesen- 23
– Michael 47166 Richter- 38
– Petra 47059 Albert- 11
– Petra 47137 Brückel- 43
– Siegfried 47139 An der Brauerei 35
– Silvia 47169 Kaiserswerther- 199
– Wilhelm 47166 Am
Zinkhüttenplatz 9
– Wolfgang
47249 Kaiserswerther- 199
Hogardt-Höchstenbach Eva-Maria
47119 Landwehr- 20
Hoge Anni 47137 Weser- 63
– Detlef 47137 Weser- 63
– Günter 47137 Voß- 7
– Ingeborg 47137 Voß- 7
– Karl 47058 Königsberger Allee 36
– Lydia 47058 Königsberger Allee 36
– Manfred 47119 Bergius- 29
– Manuela 47051 Krummacher- 11
– Martina 47137 Brückel- 97
– Petra 47259 Dorf- 51
– Renate 47057 Sternbuschweg 264
– Rüdiger 47058 Moltke- 9
– Torsten 47137 Weser- 63
– Ursula 47059 Ruhrorter- 29
– Wolfgang 47259 Dorf- 51
– Werner 47059 Ruhrorter- 29
Hogekamp Ralf 47139 Tal- 16
Hogel Christian 47259 Meister-
Arenz- 38
– Maria 47259 Raiffeisen- 71
– Marlies 47057 Neudorfer- 81
– Martina 47057 Neudorfer- 81
– Thorsten 47053 Bach- 22
– Ute 47259 Im Bonnefeld 12
– Willi 47259 Bennemann- 6
Hogenacker Anke 47057 Gneisenau- 203
– Anna 47057 Gneisenau- 203
– Dirk 47167 Freiburger- 1a
– Harald 47057 Schmiede- 23
– Gerhard 47178 Kirch- 3
– Heinrich 47057 Gneisenau- 203
– Ingrid 47055 Kultur- 90
– Nikola 47167 Freiburger- 1a
– Wilma 47055 Kultur- 90
Hogenkamp Barbara
47167 Kopernikus- 115
– Rainer 47259 Albertus-
Magnus- 8
– Olive 47198 Brücken- 6
Hogeweg Eleonore
47166 Solinger- 13
– Gisela 47249 Windhuker- 52
– Joachim 47166 Solinger- 13
– Jörg 47139 Fontane- 28
– Klaus 47249 Windhuker- 52
– Maria 47139 Fontane- 28
Hoghe Andreas
47137 Gartsträucher- 113
– Dirk 47228 Agavenweg 14
Gewerbebetriebe/Dienstleister nach Namen – siehe gelber Teil	A-ZK
